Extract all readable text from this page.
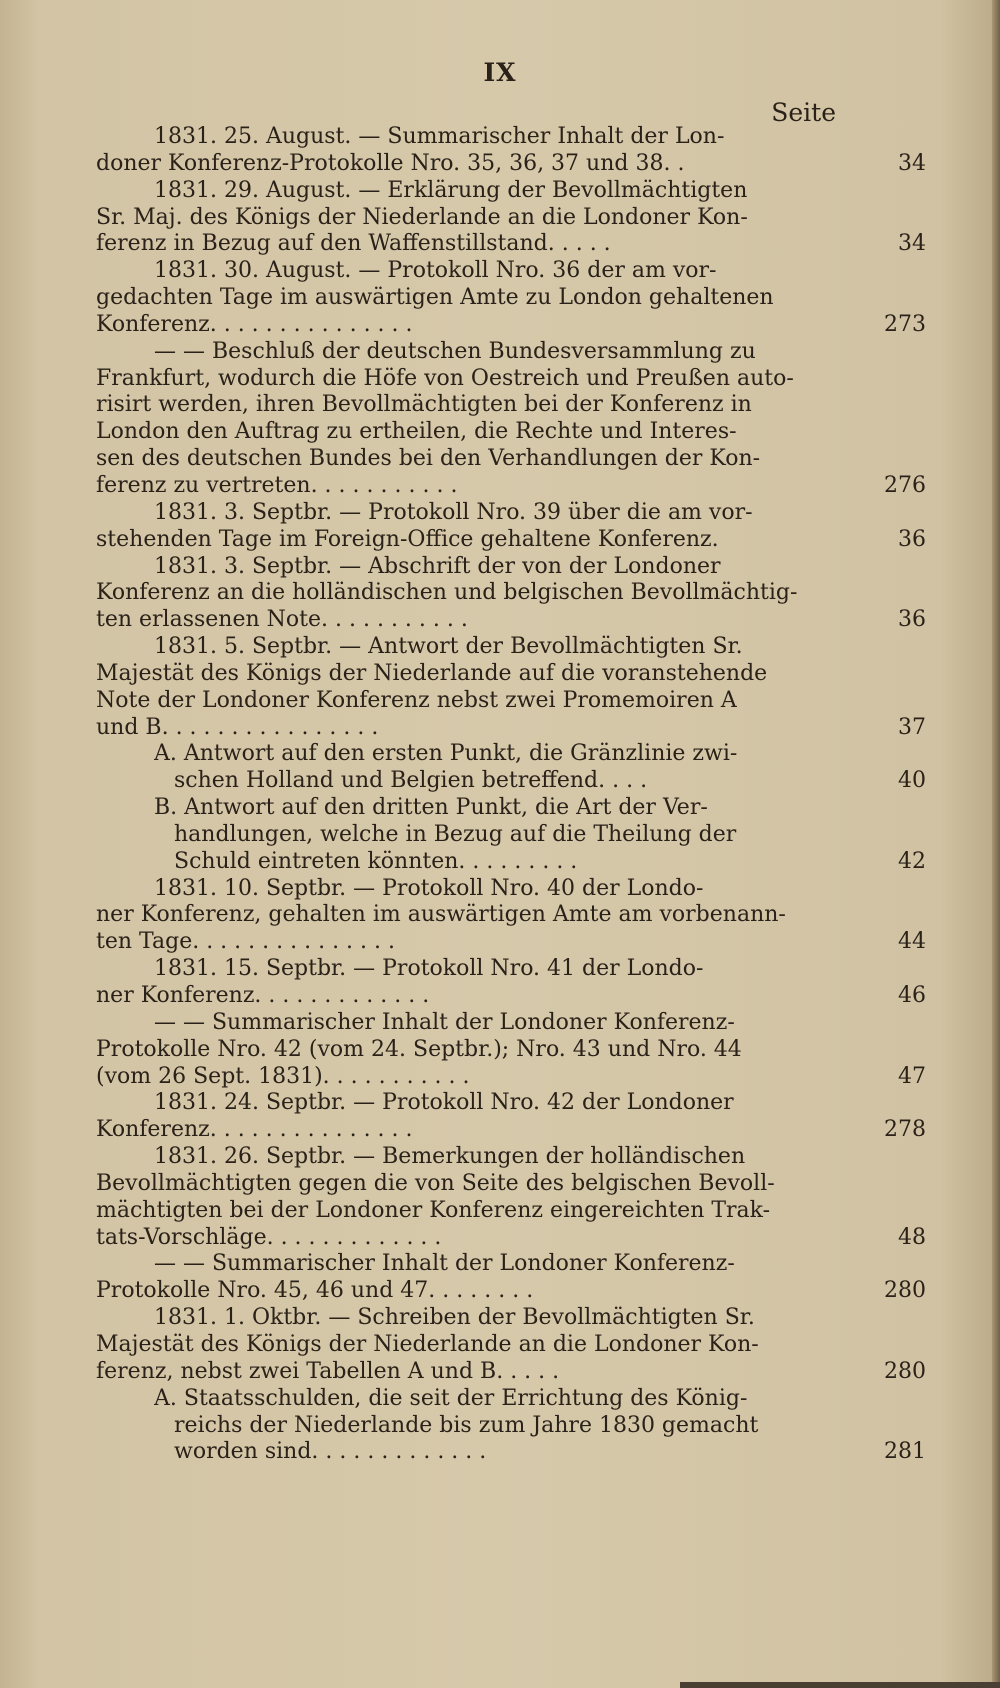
IX
Seite
1831. 25. August. — Summarischer Inhalt der Lon-
doner Konferenz-Protokolle Nro. 35, 36, 37 und 38. .	34
1831. 29. August. — Erklärung der Bevollmächtigten
Sr. Maj. des Königs der Niederlande an die Londoner Kon-
ferenz in Bezug auf den Waffenstillstand. . . . .	34
1831. 30. August. — Protokoll Nro. 36 der am vor-
gedachten Tage im auswärtigen Amte zu London gehaltenen
Konferenz. . . . . . . . . . . . . . .	273
— — Beschluß der deutschen Bundesversammlung zu
Frankfurt, wodurch die Höfe von Oestreich und Preußen auto-
risirt werden, ihren Bevollmächtigten bei der Konferenz in
London den Auftrag zu ertheilen, die Rechte und Interes-
sen des deutschen Bundes bei den Verhandlungen der Kon-
ferenz zu vertreten. . . . . . . . . . .	276
1831. 3. Septbr. — Protokoll Nro. 39 über die am vor-
stehenden Tage im Foreign-Office gehaltene Konferenz.	36
1831. 3. Septbr. — Abschrift der von der Londoner
Konferenz an die holländischen und belgischen Bevollmächtig-
ten erlassenen Note. . . . . . . . . . .	36
1831. 5. Septbr. — Antwort der Bevollmächtigten Sr.
Majestät des Königs der Niederlande auf die voranstehende
Note der Londoner Konferenz nebst zwei Promemoiren A
und B. . . . . . . . . . . . . . . .	37
A. Antwort auf den ersten Punkt, die Gränzlinie zwi-
schen Holland und Belgien betreffend. . . .	40
B. Antwort auf den dritten Punkt, die Art der Ver-
handlungen, welche in Bezug auf die Theilung der
Schuld eintreten könnten. . . . . . . . .	42
1831. 10. Septbr. — Protokoll Nro. 40 der Londo-
ner Konferenz, gehalten im auswärtigen Amte am vorbenann-
ten Tage. . . . . . . . . . . . . . .	44
1831. 15. Septbr. — Protokoll Nro. 41 der Londo-
ner Konferenz. . . . . . . . . . . . .	46
— — Summarischer Inhalt der Londoner Konferenz-
Protokolle Nro. 42 (vom 24. Septbr.); Nro. 43 und Nro. 44
(vom 26 Sept. 1831). . . . . . . . . . .	47
1831. 24. Septbr. — Protokoll Nro. 42 der Londoner
Konferenz. . . . . . . . . . . . . . .	278
1831. 26. Septbr. — Bemerkungen der holländischen
Bevollmächtigten gegen die von Seite des belgischen Bevoll-
mächtigten bei der Londoner Konferenz eingereichten Trak-
tats-Vorschläge. . . . . . . . . . . . .	48
— — Summarischer Inhalt der Londoner Konferenz-
Protokolle Nro. 45, 46 und 47. . . . . . . .	280
1831. 1. Oktbr. — Schreiben der Bevollmächtigten Sr.
Majestät des Königs der Niederlande an die Londoner Kon-
ferenz, nebst zwei Tabellen A und B. . . . .	280
A. Staatsschulden, die seit der Errichtung des König-
reichs der Niederlande bis zum Jahre 1830 gemacht
worden sind. . . . . . . . . . . . .	281
